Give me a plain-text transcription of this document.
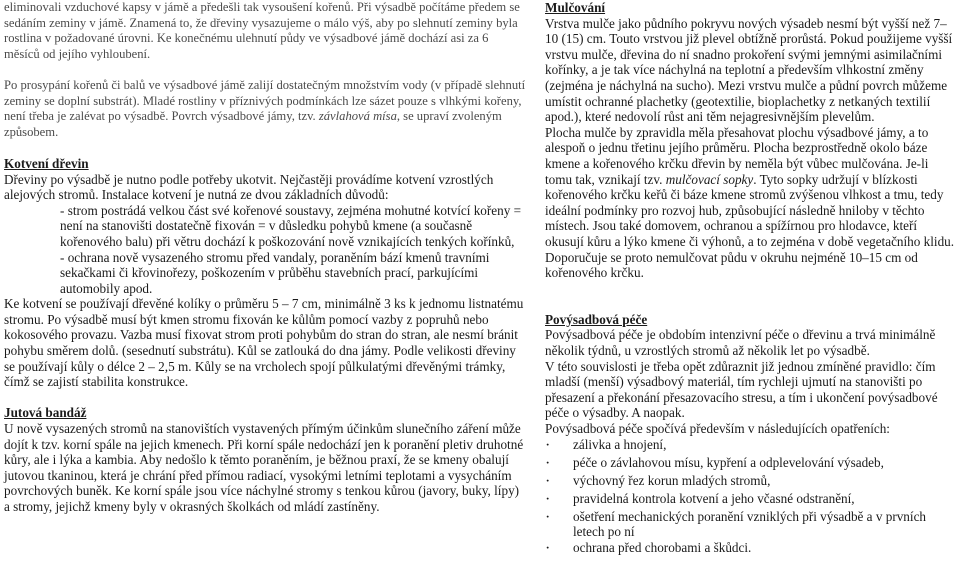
eliminovali vzduchové kapsy v jámě a předešli tak vysoušení kořenů. Při výsadbě počítáme předem se sedáním zeminy v jámě. Znamená to, že dřeviny vysazujeme o málo výš, aby po slehnutí zeminy byla rostlina v požadované úrovni. Ke konečnému ulehnutí půdy ve výsadbové jámě dochází asi za 6 měsíců od jejího vyhloubení.

Po prosypání kořenů či balů ve výsadbové jámě zalijí dostatečným množstvím vody (v případě slehnutí zeminy se doplní substrát). Mladé rostliny v příznivých podmínkách lze sázet pouze s vlhkými kořeny, není třeba je zalévat po výsadbě. Povrch výsadbové jámy, tzv. závlahová mísa, se upraví zvoleným způsobem.

Kotvení dřevin

Dřeviny po výsadbě je nutno podle potřeby ukotvit. Nejčastěji provádíme kotvení vzrostlých alejových stromů. Instalace kotvení je nutná ze dvou základních důvodů:

- strom postrádá velkou část své kořenové soustavy, zejména mohutné kotvící kořeny = není na stanovišti dostatečně fixován = v důsledku pohybů kmene (a současně kořenového balu) při větru dochází k poškozování nově vznikajících tenkých kořínků,

- ochrana nově vysazeného stromu před vandaly, poraněním bází kmenů travními sekačkami či křovinořezy, poškozením v průběhu stavebních prací, parkujícími automobily apod.

Ke kotvení se používají dřevěné kolíky o průměru 5 – 7 cm, minimálně 3 ks k jednomu listnatému stromu. Po výsadbě musí být kmen stromu fixován ke kůlům pomocí vazby z popruhů nebo kokosového provazu. Vazba musí fixovat strom proti pohybům do stran do stran, ale nesmí bránit pohybu směrem dolů. (sesednutí substrátu). Kůl se zatlouká do dna jámy. Podle velikosti dřeviny se používají kůly o délce 2 – 2,5 m. Kůly se na vrcholech spojí půlkulatými dřevěnými trámky, čímž se zajistí stabilita konstrukce.

Jutová bandáž

U nově vysazených stromů na stanovištích vystavených přímým účinkům slunečního záření může dojít k tzv. korní spále na jejich kmenech. Při korní spále nedochází jen k poranění pletiv druhotné kůry, ale i lýka a kambia. Aby nedošlo k těmto poraněním, je běžnou praxí, že se kmeny obalují jutovou tkaninou, která je chrání před přímou radiací, vysokými letními teplotami a vysycháním povrchových buněk. Ke korní spále jsou více náchylné stromy s tenkou kůrou (javory, buky, lípy) a stromy, jejichž kmeny byly v okrasných školkách od mládí zastíněny.

Mulčování

Vrstva mulče jako půdního pokryvu nových výsadeb nesmí být vyšší než 7–10 (15) cm. Touto vrstvou již plevel obtížně prorůstá. Pokud použijeme vyšší vrstvu mulče, dřevina do ní snadno prokoření svými jemnými asimilačními kořínky, a je tak více náchylná na teplotní a především vlhkostní změny (zejména je náchylná na sucho). Mezi vrstvu mulče a půdní povrch můžeme umístit ochranné plachetky (geotextilie, bioplachetky z netkaných textilií apod.), které nedovolí růst ani těm nejagresivnějším plevelům.

Plocha mulče by zpravidla měla přesahovat plochu výsadbové jámy, a to alespoň o jednu třetinu jejího průměru. Plocha bezprostředně okolo báze kmene a kořenového krčku dřevin by neměla být vůbec mulčována. Je-li tomu tak, vznikají tzv. mulčovací sopky. Tyto sopky udržují v blízkosti kořenového krčku keřů či báze kmene stromů zvýšenou vlhkost a tmu, tedy ideální podmínky pro rozvoj hub, způsobující následně hniloby v těchto místech. Jsou také domovem, ochranou a spížírnou pro hlodavce, kteří okusují kůru a lýko kmene či výhonů, a to zejména v době vegetačního klidu. Doporučuje se proto nemulčovat půdu v okruhu nejméně 10–15 cm od kořenového krčku.

Povýsadbová péče

Povýsadbová péče je obdobím intenzivní péče o dřevinu a trvá minimálně několik týdnů, u vzrostlých stromů až několik let po výsadbě.

V této souvislosti je třeba opět zdůraznit již jednou zmíněné pravidlo: čím mladší (menší) výsadbový materiál, tím rychleji ujmutí na stanovišti po přesazení a překonání přesazovacího stresu, a tím i ukončení povýsadbové péče o výsadby. A naopak.

Povýsadbová péče spočívá především v následujících opatřeních:

·	zálivka a hnojení,

·	péče o závlahovou mísu, kypření a odplevelování výsadeb,

·	výchovný řez korun mladých stromů,

·	pravidelná kontrola kotvení a jeho včasné odstranění,

·	ošetření mechanických poranění vzniklých při výsadbě a v prvních letech po ní

·	ochrana před chorobami a škůdci.
